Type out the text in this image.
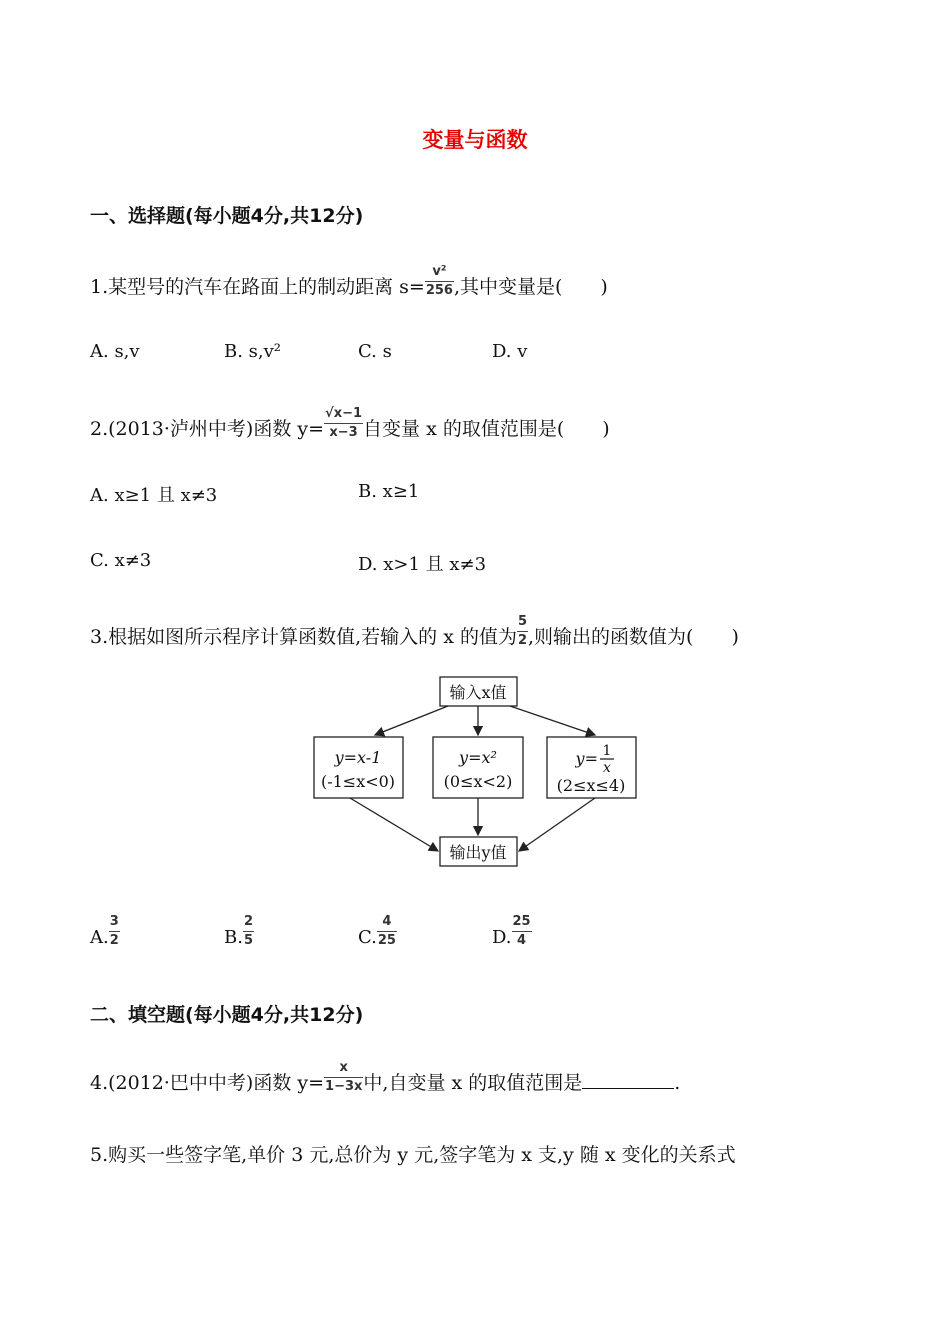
变量与函数
一、选择题(每小题4分,共12分)
1.某型号的汽车在路面上的制动距离 $s= \frac{\text{v²}}{256}$ ,其中变量是(　　)
A. s,v	B. s,v²	C. s	D. v
2.(2013·泸州中考)函数 $y= \frac{√x-1}{x-3}$ 自变量 x 的取值范围是(　　)
A. x≥1 且 x≠3	B. x≥1
C. x≠3	D. x>1 且 x≠3
3.根据如图所示程序计算函数值,若输入的 x 的值为 $\frac{5}{2}$ ,则输出的函数值为(　　)
输入x值
y=x-1
(-1≤x<0)
y=x²
(0≤x<2)
y= 1
x
(2≤x≤4)
输出y值
A. $\frac{3}{2}$	B. $\frac{2}{5}$	C. $\frac{4}{25}$	D. $\frac{25}{4}$
二、填空题(每小题4分,共12分)
4.(2012·巴中中考)函数 $y= \frac{x}{1-3x}$ 中,自变量 x 的取值范围是	.
5.购买一些签字笔,单价 3 元,总价为 y 元,签字笔为 x 支,y 随 x 变化的关系式
